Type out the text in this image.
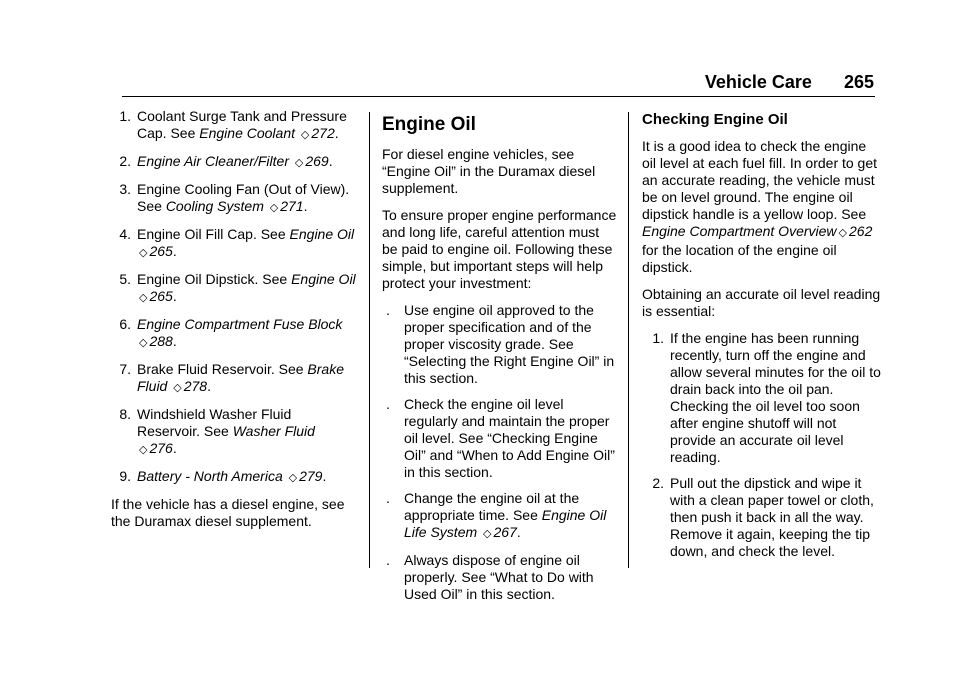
Vehicle Care 265
1. Coolant Surge Tank and Pressure Cap. See Engine Coolant ◇ 272.
2. Engine Air Cleaner/Filter ◇ 269.
3. Engine Cooling Fan (Out of View). See Cooling System ◇ 271.
4. Engine Oil Fill Cap. See Engine Oil ◇ 265.
5. Engine Oil Dipstick. See Engine Oil ◇ 265.
6. Engine Compartment Fuse Block ◇ 288.
7. Brake Fluid Reservoir. See Brake Fluid ◇ 278.
8. Windshield Washer Fluid Reservoir. See Washer Fluid ◇ 276.
9. Battery - North America ◇ 279.

If the vehicle has a diesel engine, see the Duramax diesel supplement.

Engine Oil

For diesel engine vehicles, see “Engine Oil” in the Duramax diesel supplement.

To ensure proper engine performance and long life, careful attention must be paid to engine oil. Following these simple, but important steps will help protect your investment:

.	Use engine oil approved to the proper specification and of the proper viscosity grade. See “Selecting the Right Engine Oil” in this section.
.	Check the engine oil level regularly and maintain the proper oil level. See “Checking Engine Oil” and “When to Add Engine Oil” in this section.
.	Change the engine oil at the appropriate time. See Engine Oil Life System ◇ 267.
.	Always dispose of engine oil properly. See “What to Do with Used Oil” in this section.
Checking Engine Oil

It is a good idea to check the engine oil level at each fuel fill. In order to get an accurate reading, the vehicle must be on level ground. The engine oil dipstick handle is a yellow loop. See Engine Compartment Overview ◇ 262 for the location of the engine oil dipstick.

Obtaining an accurate oil level reading is essential:

1. If the engine has been running recently, turn off the engine and allow several minutes for the oil to drain back into the oil pan. Checking the oil level too soon after engine shutoff will not provide an accurate oil level reading.
2. Pull out the dipstick and wipe it with a clean paper towel or cloth, then push it back in all the way. Remove it again, keeping the tip down, and check the level.
